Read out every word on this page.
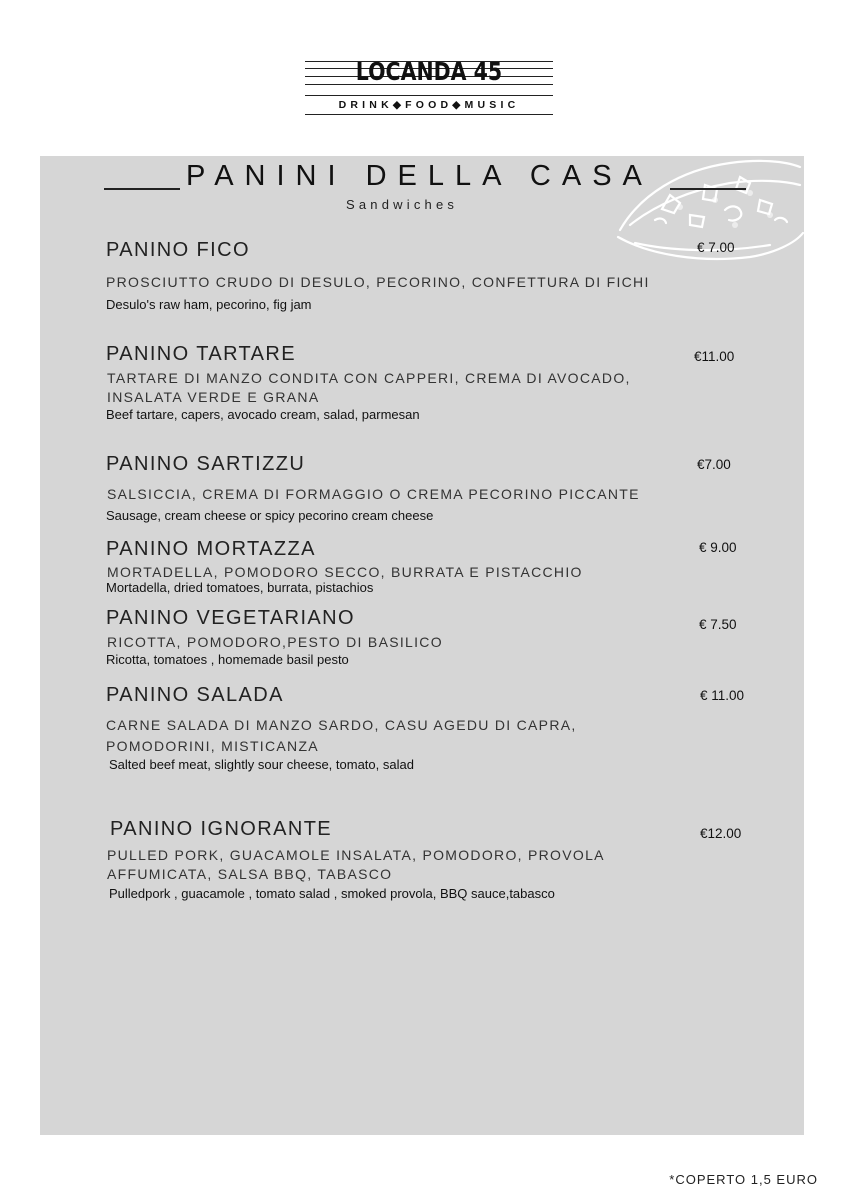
LOCANDA 45
DRINK◆FOOD◆MUSIC
PANINI DELLA CASA
Sandwiches
PANINO FICO	€ 7.00
PROSCIUTTO CRUDO DI DESULO, PECORINO, CONFETTURA DI FICHI
Desulo's raw ham, pecorino, fig jam
PANINO TARTARE	€11.00
TARTARE DI MANZO CONDITA CON CAPPERI, CREMA DI AVOCADO, INSALATA VERDE E GRANA
Beef tartare, capers, avocado cream, salad, parmesan
PANINO SARTIZZU	€7.00
SALSICCIA, CREMA DI FORMAGGIO O CREMA PECORINO PICCANTE
Sausage, cream cheese or spicy pecorino cream cheese
PANINO MORTAZZA	€ 9.00
MORTADELLA, POMODORO SECCO, BURRATA E PISTACCHIO
Mortadella, dried tomatoes, burrata, pistachios
PANINO VEGETARIANO	€ 7.50
RICOTTA, POMODORO,PESTO DI BASILICO
Ricotta, tomatoes , homemade basil pesto
PANINO SALADA	€ 11.00
CARNE SALADA DI MANZO SARDO, CASU AGEDU DI CAPRA, POMODORINI, MISTICANZA
Salted beef meat, slightly sour cheese, tomato, salad
PANINO IGNORANTE	€12.00
PULLED PORK, GUACAMOLE INSALATA, POMODORO, PROVOLA AFFUMICATA, SALSA BBQ, TABASCO
Pulledpork , guacamole , tomato salad , smoked provola, BBQ sauce,tabasco
*COPERTO 1,5 EURO
